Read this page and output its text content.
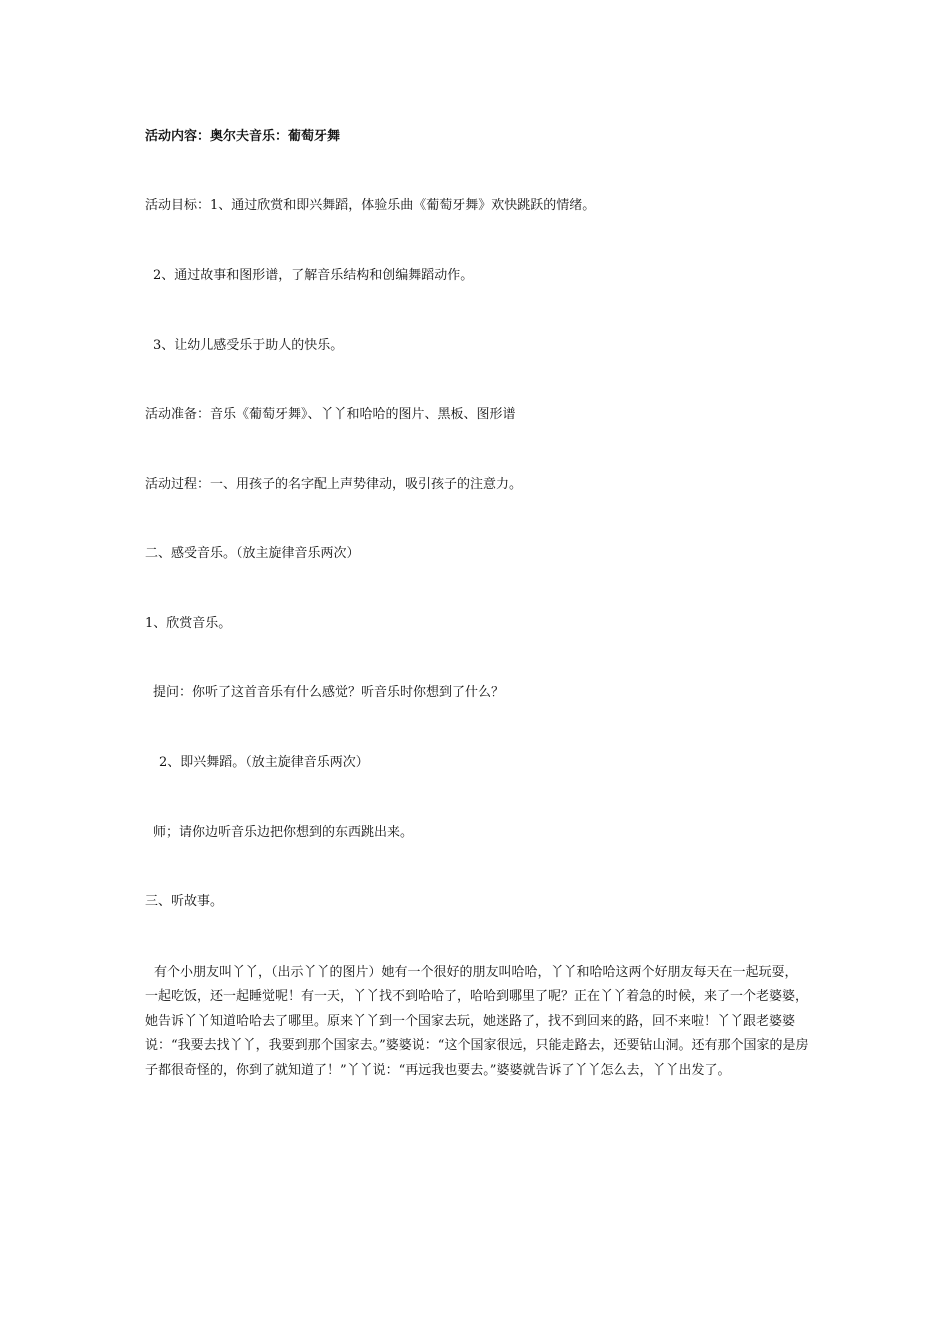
活动内容：奥尔夫音乐：葡萄牙舞
活动目标：1、通过欣赏和即兴舞蹈，体验乐曲《葡萄牙舞》欢快跳跃的情绪。
2、通过故事和图形谱，了解音乐结构和创编舞蹈动作。
3、让幼儿感受乐于助人的快乐。
活动准备：音乐《葡萄牙舞》、丫丫和哈哈的图片、黑板、图形谱
活动过程：一、用孩子的名字配上声势律动，吸引孩子的注意力。
二、感受音乐。（放主旋律音乐两次）
1、欣赏音乐。
提问：你听了这首音乐有什么感觉？听音乐时你想到了什么？
2、即兴舞蹈。（放主旋律音乐两次）
师；请你边听音乐边把你想到的东西跳出来。
三、听故事。
有个小朋友叫丫丫，（出示丫丫的图片）她有一个很好的朋友叫哈哈，丫丫和哈哈这两个好朋友每天在一起玩耍，一起吃饭，还一起睡觉呢！有一天，丫丫找不到哈哈了，哈哈到哪里了呢？正在丫丫着急的时候，来了一个老婆婆，她告诉丫丫知道哈哈去了哪里。原来丫丫到一个国家去玩，她迷路了，找不到回来的路，回不来啦！丫丫跟老婆婆说：“我要去找丫丫，我要到那个国家去。”婆婆说：“这个国家很远，只能走路去，还要钻山洞。还有那个国家的是房子都很奇怪的，你到了就知道了！”丫丫说：“再远我也要去。”婆婆就告诉了丫丫怎么去，丫丫出发了。
